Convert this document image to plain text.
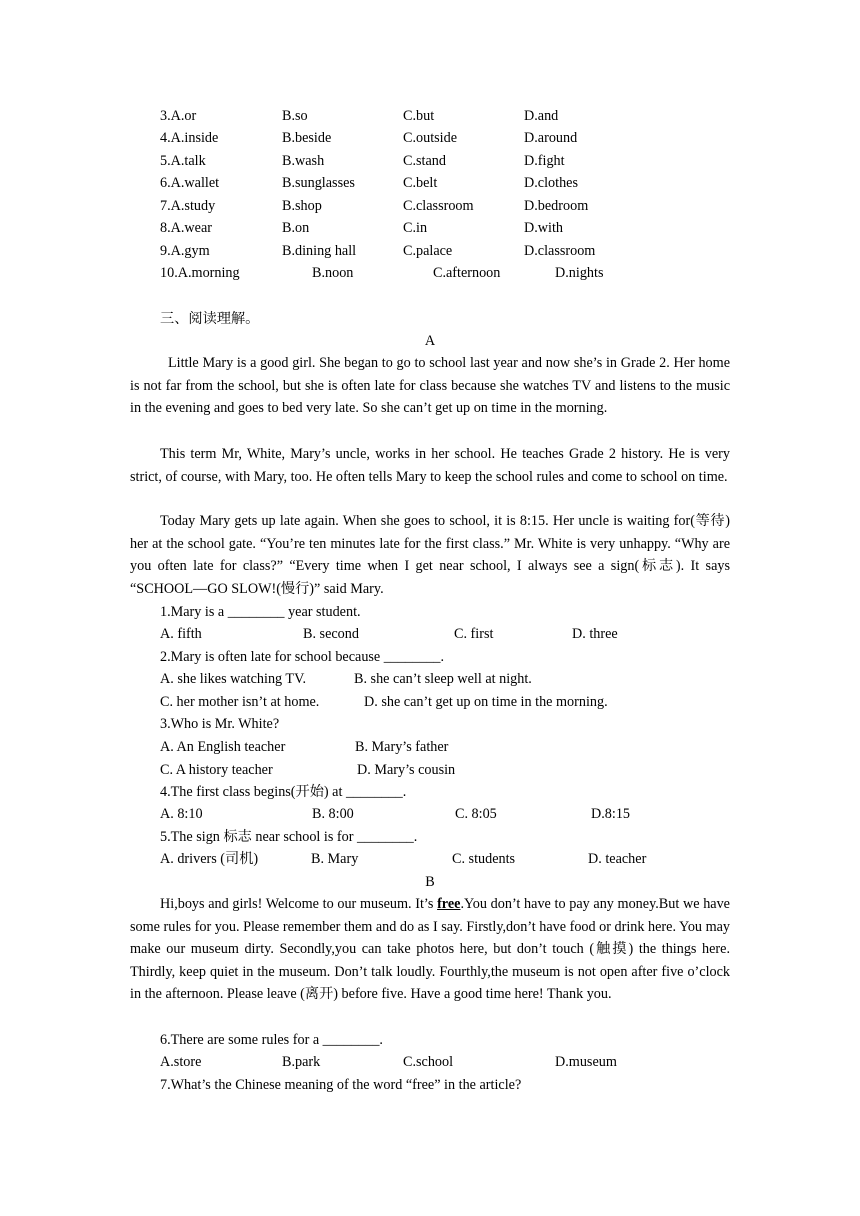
3.A.or	B.so	C.but	D.and
4.A.inside	B.beside	C.outside	D.around
5.A.talk	B.wash	C.stand	D.fight
6.A.wallet	B.sunglasses	C.belt	D.clothes
7.A.study	B.shop	C.classroom	D.bedroom
8.A.wear	B.on	C.in	D.with
9.A.gym	B.dining hall	C.palace	D.classroom
10.A.morning	B.noon	C.afternoon	D.nights
三、阅读理解。
A
Little Mary is a good girl. She began to go to school last year and now she’s in Grade 2. Her home is not far from the school, but she is often late for class because she watches TV and listens to the music in the evening and goes to bed very late. So she can’t get up on time in the morning.
This term Mr, White, Mary’s uncle, works in her school. He teaches Grade 2 history. He is very strict, of course, with Mary, too. He often tells Mary to keep the school rules and come to school on time.
Today Mary gets up late again. When she goes to school, it is 8:15. Her uncle is waiting for(等待) her at the school gate. “You’re ten minutes late for the first class.” Mr. White is very unhappy. “Why are you often late for class?” “Every time when I get near school, I always see a sign(标志). It says “SCHOOL—GO SLOW!(慢行)” said Mary.
1.Mary is a ________ year student.
A. fifth	B. second	C. first	D. three
2.Mary is often late for school because ________.
A. she likes watching TV.	B. she can’t sleep well at night.
C. her mother isn’t at home.	D. she can’t get up on time in the morning.
3.Who is Mr. White?
A. An English teacher	B. Mary’s father
C. A history teacher	D. Mary’s cousin
4.The first class begins(开始) at ________.
A. 8:10	B. 8:00	C. 8:05	D.8:15
5.The sign 标志 near school is for ________.
A. drivers (司机)	B. Mary	C. students	D. teacher
B
Hi,boys and girls! Welcome to our museum. It’s free.You don’t have to pay any money.But we have some rules for you. Please remember them and do as I say. Firstly,don’t have food or drink here. You may make our museum dirty. Secondly,you can take photos here, but don’t touch (触摸) the things here. Thirdly, keep quiet in the museum. Don’t talk loudly. Fourthly,the museum is not open after five o’clock in the afternoon. Please leave (离开) before five. Have a good time here! Thank you.
6.There are some rules for a ________.
A.store	B.park	C.school	D.museum
7.What’s the Chinese meaning of the word “free” in the article?
